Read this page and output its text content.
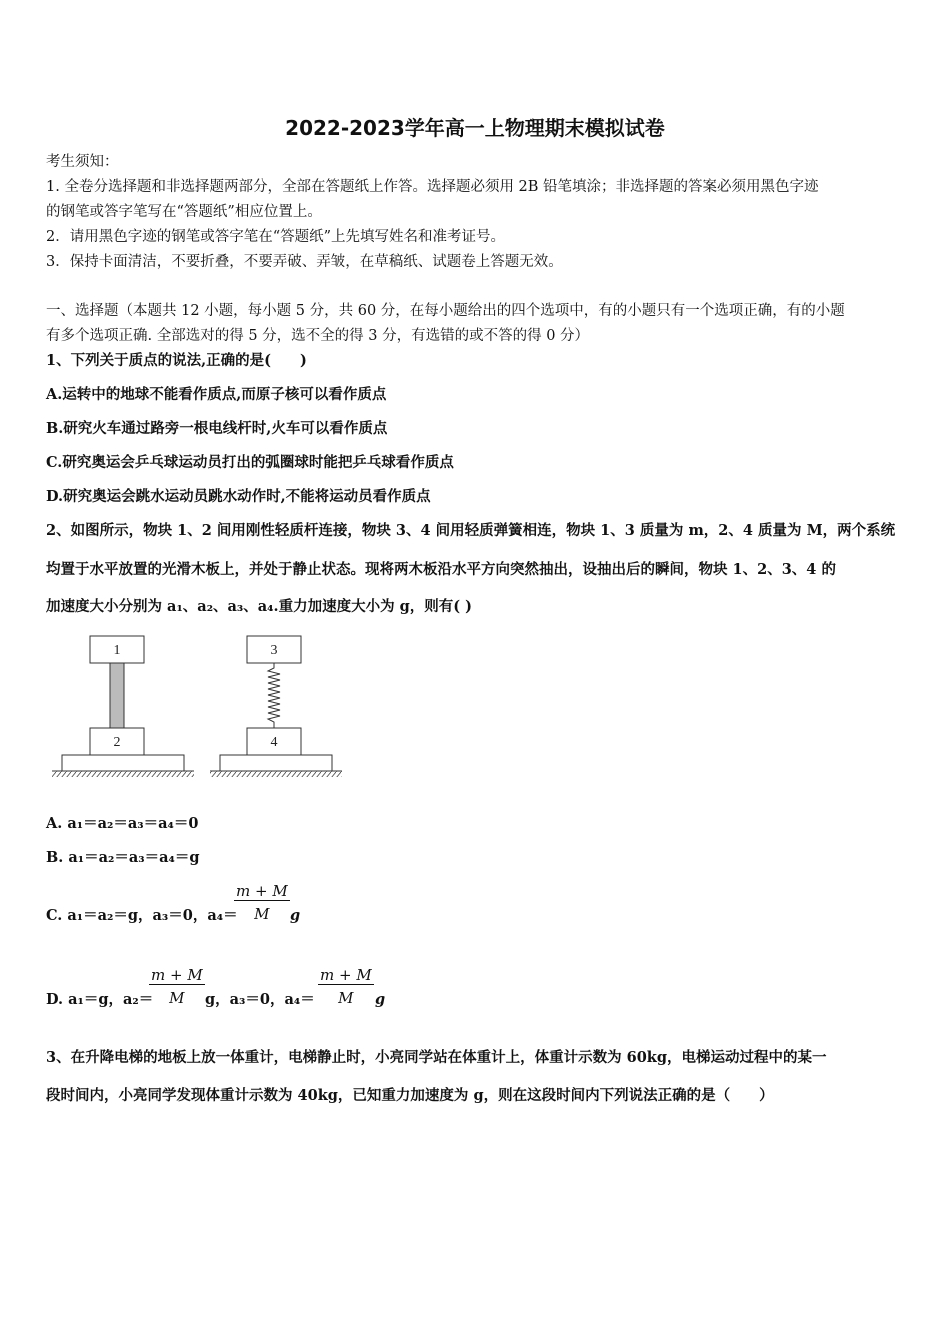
2022-2023学年高一上物理期末模拟试卷
考生须知：
1. 全卷分选择题和非选择题两部分，全部在答题纸上作答。选择题必须用 2B 铅笔填涂；非选择题的答案必须用黑色字迹
的钢笔或答字笔写在“答题纸”相应位置上。
2．请用黑色字迹的钢笔或答字笔在“答题纸”上先填写姓名和准考证号。
3．保持卡面清洁，不要折叠，不要弄破、弄皱，在草稿纸、试题卷上答题无效。
一、选择题（本题共 12 小题，每小题 5 分，共 60 分，在每小题给出的四个选项中，有的小题只有一个选项正确，有的小题
有多个选项正确. 全部选对的得 5 分，选不全的得 3 分，有选错的或不答的得 0 分）
1、下列关于质点的说法,正确的是(　　)
A.运转中的地球不能看作质点,而原子核可以看作质点
B.研究火车通过路旁一根电线杆时,火车可以看作质点
C.研究奥运会乒乓球运动员打出的弧圈球时能把乒乓球看作质点
D.研究奥运会跳水运动员跳水动作时,不能将运动员看作质点
2、如图所示，物块 1、2 间用刚性轻质杆连接，物块 3、4 间用轻质弹簧相连，物块 1、3 质量为 m，2、4 质量为 M，两个系统
均置于水平放置的光滑木板上，并处于静止状态。现将两木板沿水平方向突然抽出，设抽出后的瞬间，物块 1、2、3、4 的
加速度大小分别为 a₁、a₂、a₃、a₄.重力加速度大小为 g，则有( )
1
2
3
4
A. a₁＝a₂＝a₃＝a₄＝0
B. a₁＝a₂＝a₃＝a₄＝g
C. a₁＝a₂＝g，a₃＝0，a₄＝
$\frac{m + M}{M}$ g
D. a₁＝g，a₂＝
$\frac{m + M}{M}$ g，a₃＝0，$a_4= \frac{m + M}{M}$ g
3、在升降电梯的地板上放一体重计，电梯静止时，小亮同学站在体重计上，体重计示数为 60kg，电梯运动过程中的某一
段时间内，小亮同学发现体重计示数为 40kg，已知重力加速度为 g，则在这段时间内下列说法正确的是（　　）
